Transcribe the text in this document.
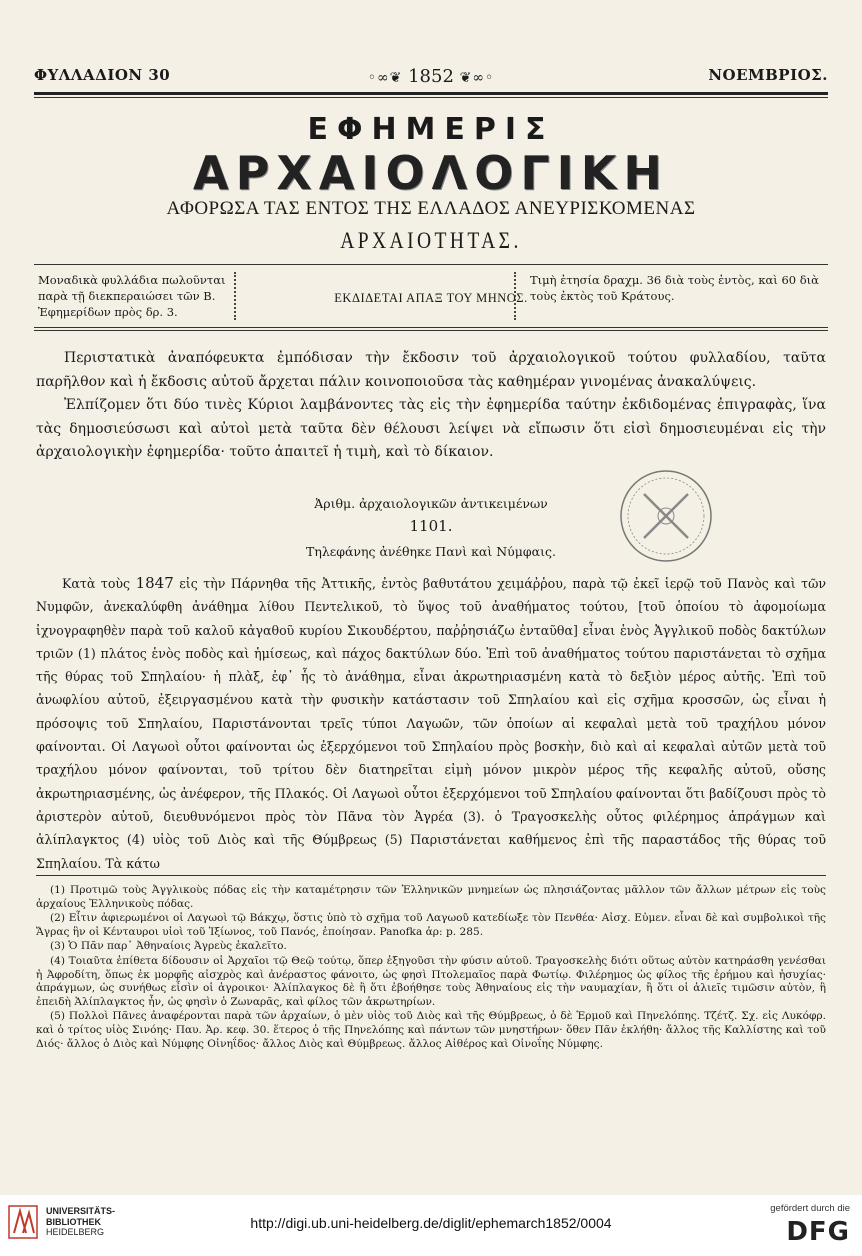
ΦΥΛΛΑΔΙΟΝ 30	◦∞❦ 1852 ❦∞◦	ΝΟΕΜΒΡΙΟΣ.
ΕΦΗΜΕΡΙΣ
ΑΡΧΑΙΟΛΟΓΙΚΗ
ΑΦΟΡΩΣΑ ΤΑΣ ΕΝΤΟΣ ΤΗΣ ΕΛΛΑΔΟΣ ΑΝΕΥΡΙΣΚΟΜΕΝΑΣ
ΑΡΧΑΙΟΤΗΤΑΣ.
Μοναδικὰ φυλλάδια πωλοῦνται παρὰ τῇ διεκπεραιώσει τῶν Β. Ἐφημερίδων πρὸς δρ. 3.
ΕΚΔΙΔΕΤΑΙ ΑΠΑΞ ΤΟΥ ΜΗΝΟΣ.
Τιμὴ ἐτησία δραχμ. 36 διὰ τοὺς ἐντὸς, καὶ 60 διὰ τοὺς ἐκτὸς τοῦ Κράτους.

Περιστατικὰ ἀναπόφευκτα ἐμπόδισαν τὴν ἔκδοσιν τοῦ ἀρχαιολογικοῦ τούτου φυλλαδίου, ταῦτα παρῆλθον καὶ ἡ ἔκδοσις αὐτοῦ ἄρχεται πάλιν κοινοποιοῦσα τὰς καθημέραν γινομένας ἀνακαλύψεις.

Ἐλπίζομεν ὅτι δύο τινὲς Κύριοι λαμβάνοντες τὰς εἰς τὴν ἐφημερίδα ταύτην ἐκδιδομένας ἐπιγραφὰς, ἵνα τὰς δημοσιεύσωσι καὶ αὐτοὶ μετὰ ταῦτα δὲν θέλουσι λείψει νὰ εἴπωσιν ὅτι εἰσὶ δημοσιευμέναι εἰς τὴν ἀρχαιολογικὴν ἐφημερίδα· τοῦτο ἀπαιτεῖ ἡ τιμὴ, καὶ τὸ δίκαιον.

Ἀριθμ. ἀρχαιολογικῶν ἀντικειμένων
1101.
Τηλεφάνης ἀνέθηκε Πανὶ καὶ Νύμφαις.

Κατὰ τοὺς 1847 εἰς τὴν Πάρνηθα τῆς Ἀττικῆς, ἐντὸς βαθυτάτου χειμάῤῥου, παρὰ τῷ ἐκεῖ ἱερῷ τοῦ Πανὸς καὶ τῶν Νυμφῶν, ἀνεκαλύφθη ἀνάθημα λίθου Πεντελικοῦ, τὸ ὕψος τοῦ ἀναθήματος τούτου, [τοῦ ὁποίου τὸ ἀφομοίωμα ἰχνογραφηθὲν παρὰ τοῦ καλοῦ κἀγαθοῦ κυρίου Σικουδέρτου, παῤῥησιάζω ἐνταῦθα] εἶναι ἑνὸς Ἀγγλικοῦ ποδὸς δακτύλων τριῶν (1) πλάτος ἑνὸς ποδὸς καὶ ἡμίσεως, καὶ πάχος δακτύλων δύο. Ἐπὶ τοῦ ἀναθήματος τούτου παριστάνεται τὸ σχῆμα τῆς θύρας τοῦ Σπηλαίου· ἡ πλὰξ, ἐφ᾽ ἧς τὸ ἀνάθημα, εἶναι ἀκρωτηριασμένη κατὰ τὸ δεξιὸν μέρος αὐτῆς. Ἐπὶ τοῦ ἀνωφλίου αὐτοῦ, ἐξειργασμένου κατὰ τὴν φυσικὴν κατάστασιν τοῦ Σπηλαίου καὶ εἰς σχῆμα κροσσῶν, ὡς εἶναι ἡ πρόσοψις τοῦ Σπηλαίου, Παριστάνονται τρεῖς τύποι Λαγωῶν, τῶν ὁποίων αἱ κεφαλαὶ μετὰ τοῦ τραχήλου μόνον φαίνονται. Οἱ Λαγωοὶ οὗτοι φαίνονται ὡς ἐξερχόμενοι τοῦ Σπηλαίου πρὸς βοσκὴν, διὸ καὶ αἱ κεφαλαὶ αὐτῶν μετὰ τοῦ τραχήλου μόνον φαίνονται, τοῦ τρίτου δὲν διατηρεῖται εἰμὴ μόνον μικρὸν μέρος τῆς κεφαλῆς αὐτοῦ, οὔσης ἀκρωτηριασμένης, ὡς ἀνέφερον, τῆς Πλακός. Οἱ Λαγωοὶ οὗτοι ἐξερχόμενοι τοῦ Σπηλαίου φαίνονται ὅτι βαδίζουσι πρὸς τὸ ἀριστερὸν αὐτοῦ, διευθυνόμενοι πρὸς τὸν Πᾶνα τὸν Ἀγρέα (3). ὁ Τραγοσκελὴς οὗτος φιλέρημος ἀπράγμων καὶ ἀλίπλαγκτος (4) υἱὸς τοῦ Διὸς καὶ τῆς Θύμβρεως (5) Παριστάνεται καθήμενος ἐπὶ τῆς παραστάδος τῆς θύρας τοῦ Σπηλαίου. Τὰ κάτω

(1) Προτιμῶ τοὺς Ἀγγλικοὺς πόδας εἰς τὴν καταμέτρησιν τῶν Ἑλληνικῶν μνημείων ὡς πλησιάζοντας μᾶλλον τῶν ἄλλων μέτρων εἰς τοὺς ἀρχαίους Ἑλληνικοὺς πόδας.

(2) Εἶτιν ἀφιερωμένοι οἱ Λαγωοὶ τῷ Βάκχῳ, ὅστις ὑπὸ τὸ σχῆμα τοῦ Λαγωοῦ κατεδίωξε τὸν Πενθέα· Αἰσχ. Εὐμεν. εἶναι δὲ καὶ συμβολικοὶ τῆς Ἄγρας ἣν οἱ Κένταυροι υἱοὶ τοῦ Ἰξίωνος, τοῦ Πανός, ἐποίησαν. Panofka ἀρ: p. 285.

(3) Ὁ Πᾶν παρ᾽ Ἀθηναίοις Ἀγρεὺς ἐκαλεῖτο.

(4) Τοιαῦτα ἐπίθετα δίδουσιν οἱ Ἀρχαῖοι τῷ Θεῷ τούτῳ, ὅπερ ἐξηγοῦσι τὴν φύσιν αὐτοῦ. Τραγοσκελὴς διότι οὕτως αὐτὸν κατηράσθη γενέσθαι ἡ Ἀφροδίτη, ὅπως ἐκ μορφῆς αἰσχρὸς καὶ ἀνέραστος φάνοιτο, ὡς φησὶ Πτολεμαῖος παρὰ Φωτίῳ. Φιλέρημος ὡς φίλος τῆς ἐρήμου καὶ ἡσυχίας· ἀπράγμων, ὡς συνήθως εἶσὶν οἱ ἀγροικοι· Ἀλίπλαγκος δὲ ἢ ὅτι ἐβοήθησε τοὺς Ἀθηναίους εἰς τὴν ναυμαχίαν, ἢ ὅτι οἱ ἁλιεῖς τιμῶσιν αὐτὸν, ἢ ἐπειδὴ Ἁλίπλαγκτος ἦν, ὡς φησὶν ὁ Ζωναρᾶς, καὶ φίλος τῶν ἀκρωτηρίων.

(5) Πολλοὶ Πᾶνες ἀναφέρονται παρὰ τῶν ἀρχαίων, ὁ μὲν υἱὸς τοῦ Διὸς καὶ τῆς Θύμβρεως, ὁ δὲ Ἑρμοῦ καὶ Πηνελόπης. Τζέτζ. Σχ. εἰς Λυκόφρ. καὶ ὁ τρίτος υἱὸς Σινόης· Παυ. Ἀρ. κεφ. 30. ἕτερος ὁ τῆς Πηνελόπης καὶ πάντων τῶν μνηστήρων· ὅθεν Πᾶν ἐκλήθη· ἄλλος τῆς Καλλίστης καὶ τοῦ Διός· ἄλλος ὁ Διὸς καὶ Νύμφης Οἰνηΐδος· ἄλλος Διὸς καὶ Θύμβρεως. ἄλλος Αἰθέρος καὶ Οἰνοΐης Νύμφης.

UNIVERSITÄTS-
BIBLIOTHEK
HEIDELBERG
http://digi.ub.uni-heidelberg.de/diglit/ephemarch1852/0004
gefördert durch die
DFG
